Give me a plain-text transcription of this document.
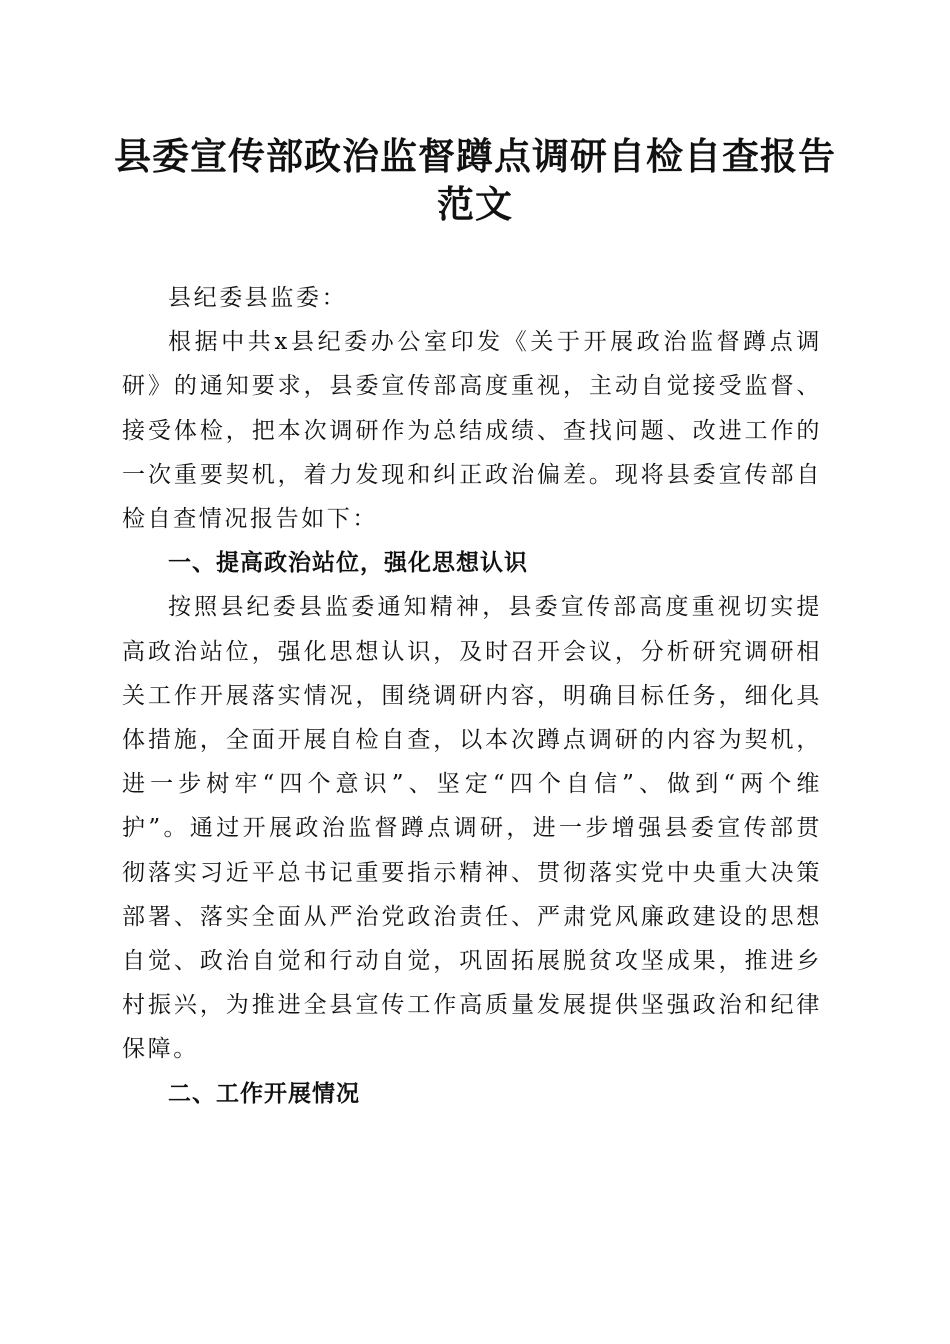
县委宣传部政治监督蹲点调研自检自查报告范文

县纪委县监委：

根据中共x县纪委办公室印发《关于开展政治监督蹲点调研》的通知要求，县委宣传部高度重视，主动自觉接受监督、接受体检，把本次调研作为总结成绩、查找问题、改进工作的一次重要契机，着力发现和纠正政治偏差。现将县委宣传部自检自查情况报告如下：

一、提高政治站位，强化思想认识

按照县纪委县监委通知精神，县委宣传部高度重视切实提高政治站位，强化思想认识，及时召开会议，分析研究调研相关工作开展落实情况，围绕调研内容，明确目标任务，细化具体措施，全面开展自检自查，以本次蹲点调研的内容为契机，进一步树牢“四个意识”、坚定“四个自信”、做到“两个维护”。通过开展政治监督蹲点调研，进一步增强县委宣传部贯彻落实习近平总书记重要指示精神、贯彻落实党中央重大决策部署、落实全面从严治党政治责任、严肃党风廉政建设的思想自觉、政治自觉和行动自觉，巩固拓展脱贫攻坚成果，推进乡村振兴，为推进全县宣传工作高质量发展提供坚强政治和纪律保障。

二、工作开展情况
